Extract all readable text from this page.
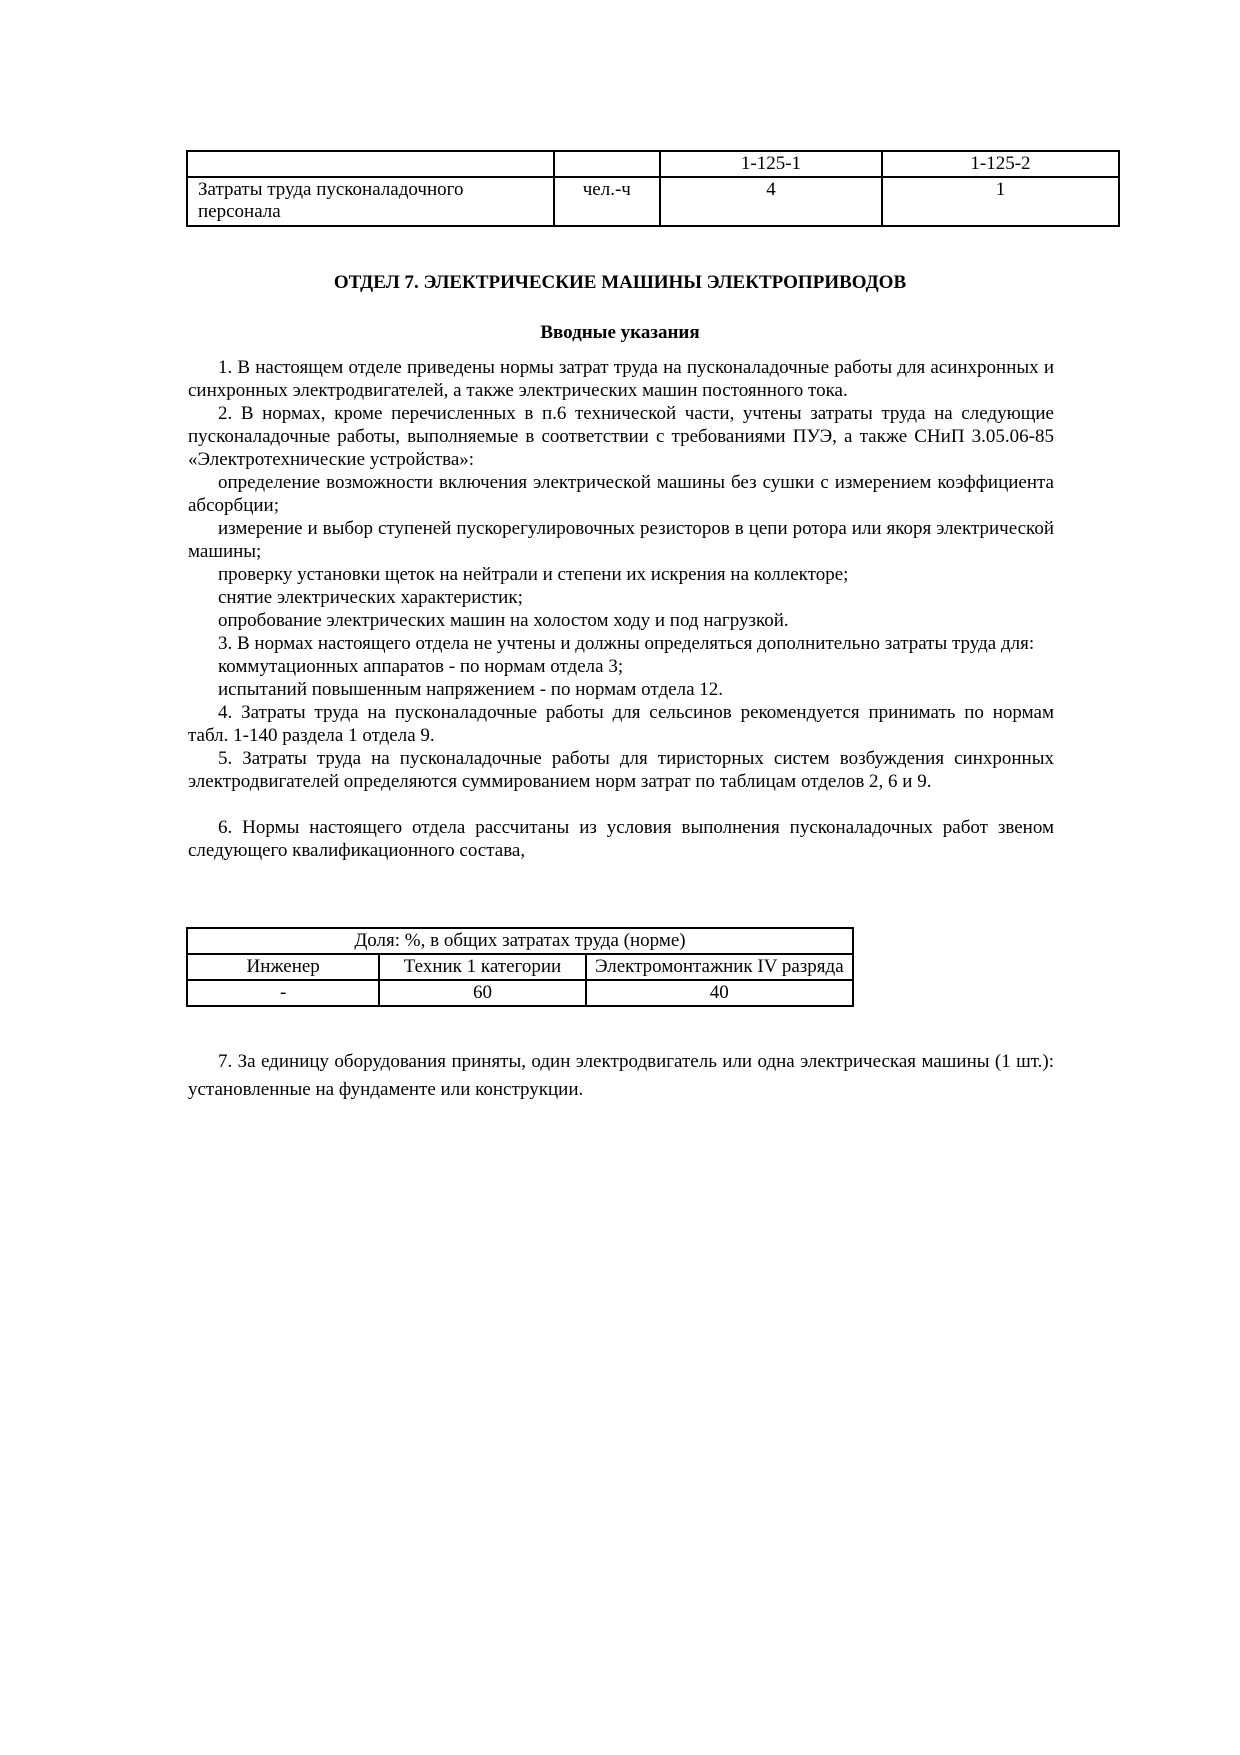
		1-125-1	1-125-2
Затраты труда пусконаладочного персонала	чел.-ч	4	1
ОТДЕЛ 7. ЭЛЕКТРИЧЕСКИЕ МАШИНЫ ЭЛЕКТРОПРИВОДОВ
Вводные указания

1. В настоящем отделе приведены нормы затрат труда на пусконаладочные работы для асинхронных и синхронных электродвигателей, а также электрических машин постоянного тока.

2. В нормах, кроме перечисленных в п.6 технической части, учтены затраты труда на следующие пусконаладочные работы, выполняемые в соответствии с требованиями ПУЭ, а также СНиП 3.05.06-85 «Электротехнические устройства»:

определение возможности включения электрической машины без сушки с измерением коэффициента абсорбции;

измерение и выбор ступеней пускорегулировочных резисторов в цепи ротора или якоря электрической машины;

проверку установки щеток на нейтрали и степени их искрения на коллекторе;

снятие электрических характеристик;

опробование электрических машин на холостом ходу и под нагрузкой.

3. В нормах настоящего отдела не учтены и должны определяться дополнительно затраты труда для:

коммутационных аппаратов - по нормам отдела 3;

испытаний повышенным напряжением - по нормам отдела 12.

4. Затраты труда на пусконаладочные работы для сельсинов рекомендуется принимать по нормам табл. 1-140 раздела 1 отдела 9.

5. Затраты труда на пусконаладочные работы для тиристорных систем возбуждения синхронных электродвигателей определяются суммированием норм затрат по таблицам отделов 2, 6 и 9.

6. Нормы настоящего отдела рассчитаны из условия выполнения пусконаладочных работ звеном следующего квалификационного состава,

Доля: %, в общих затратах труда (норме)		
Инженер	Техник 1 категории	Электромонтажник IV разряда
-	60	40

7. За единицу оборудования приняты, один электродвигатель или одна электрическая машины (1 шт.): установленные на фундаменте или конструкции.
